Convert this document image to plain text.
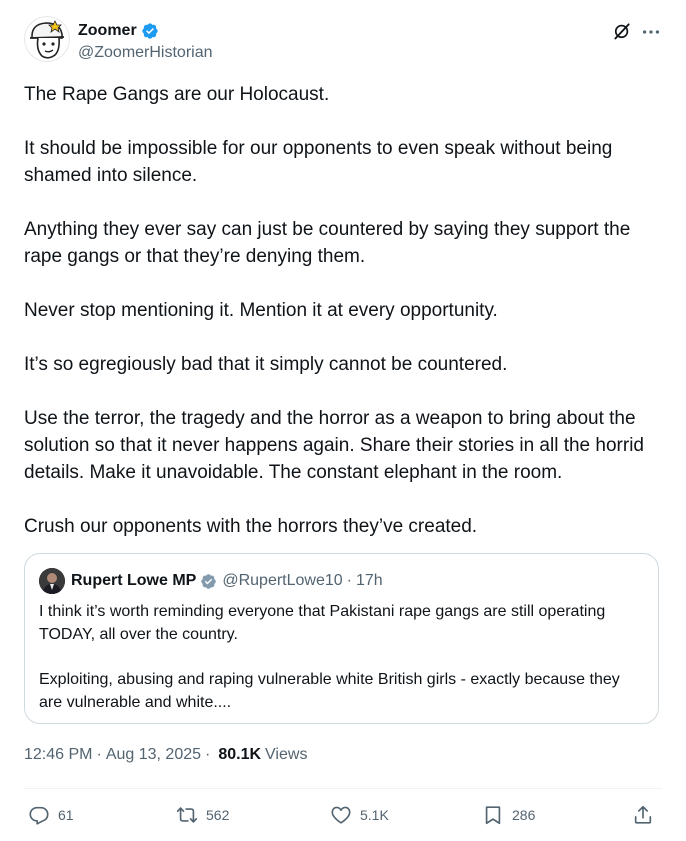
Zoomer
@ZoomerHistorian

The Rape Gangs are our Holocaust.

It should be impossible for our opponents to even speak without being shamed into silence.

Anything they ever say can just be countered by saying they support the rape gangs or that they’re denying them.

Never stop mentioning it. Mention it at every opportunity.

It’s so egregiously bad that it simply cannot be countered.

Use the terror, the tragedy and the horror as a weapon to bring about the solution so that it never happens again. Share their stories in all the horrid details. Make it unavoidable. The constant elephant in the room.

Crush our opponents with the horrors they’ve created.

Rupert Lowe MP @RupertLowe10 · 17h

I think it’s worth reminding everyone that Pakistani rape gangs are still operating TODAY, all over the country.

Exploiting, abusing and raping vulnerable white British girls - exactly because they are vulnerable and white....

12:46 PM · Aug 13, 2025 · 80.1K Views
61	562	5.1K	286
